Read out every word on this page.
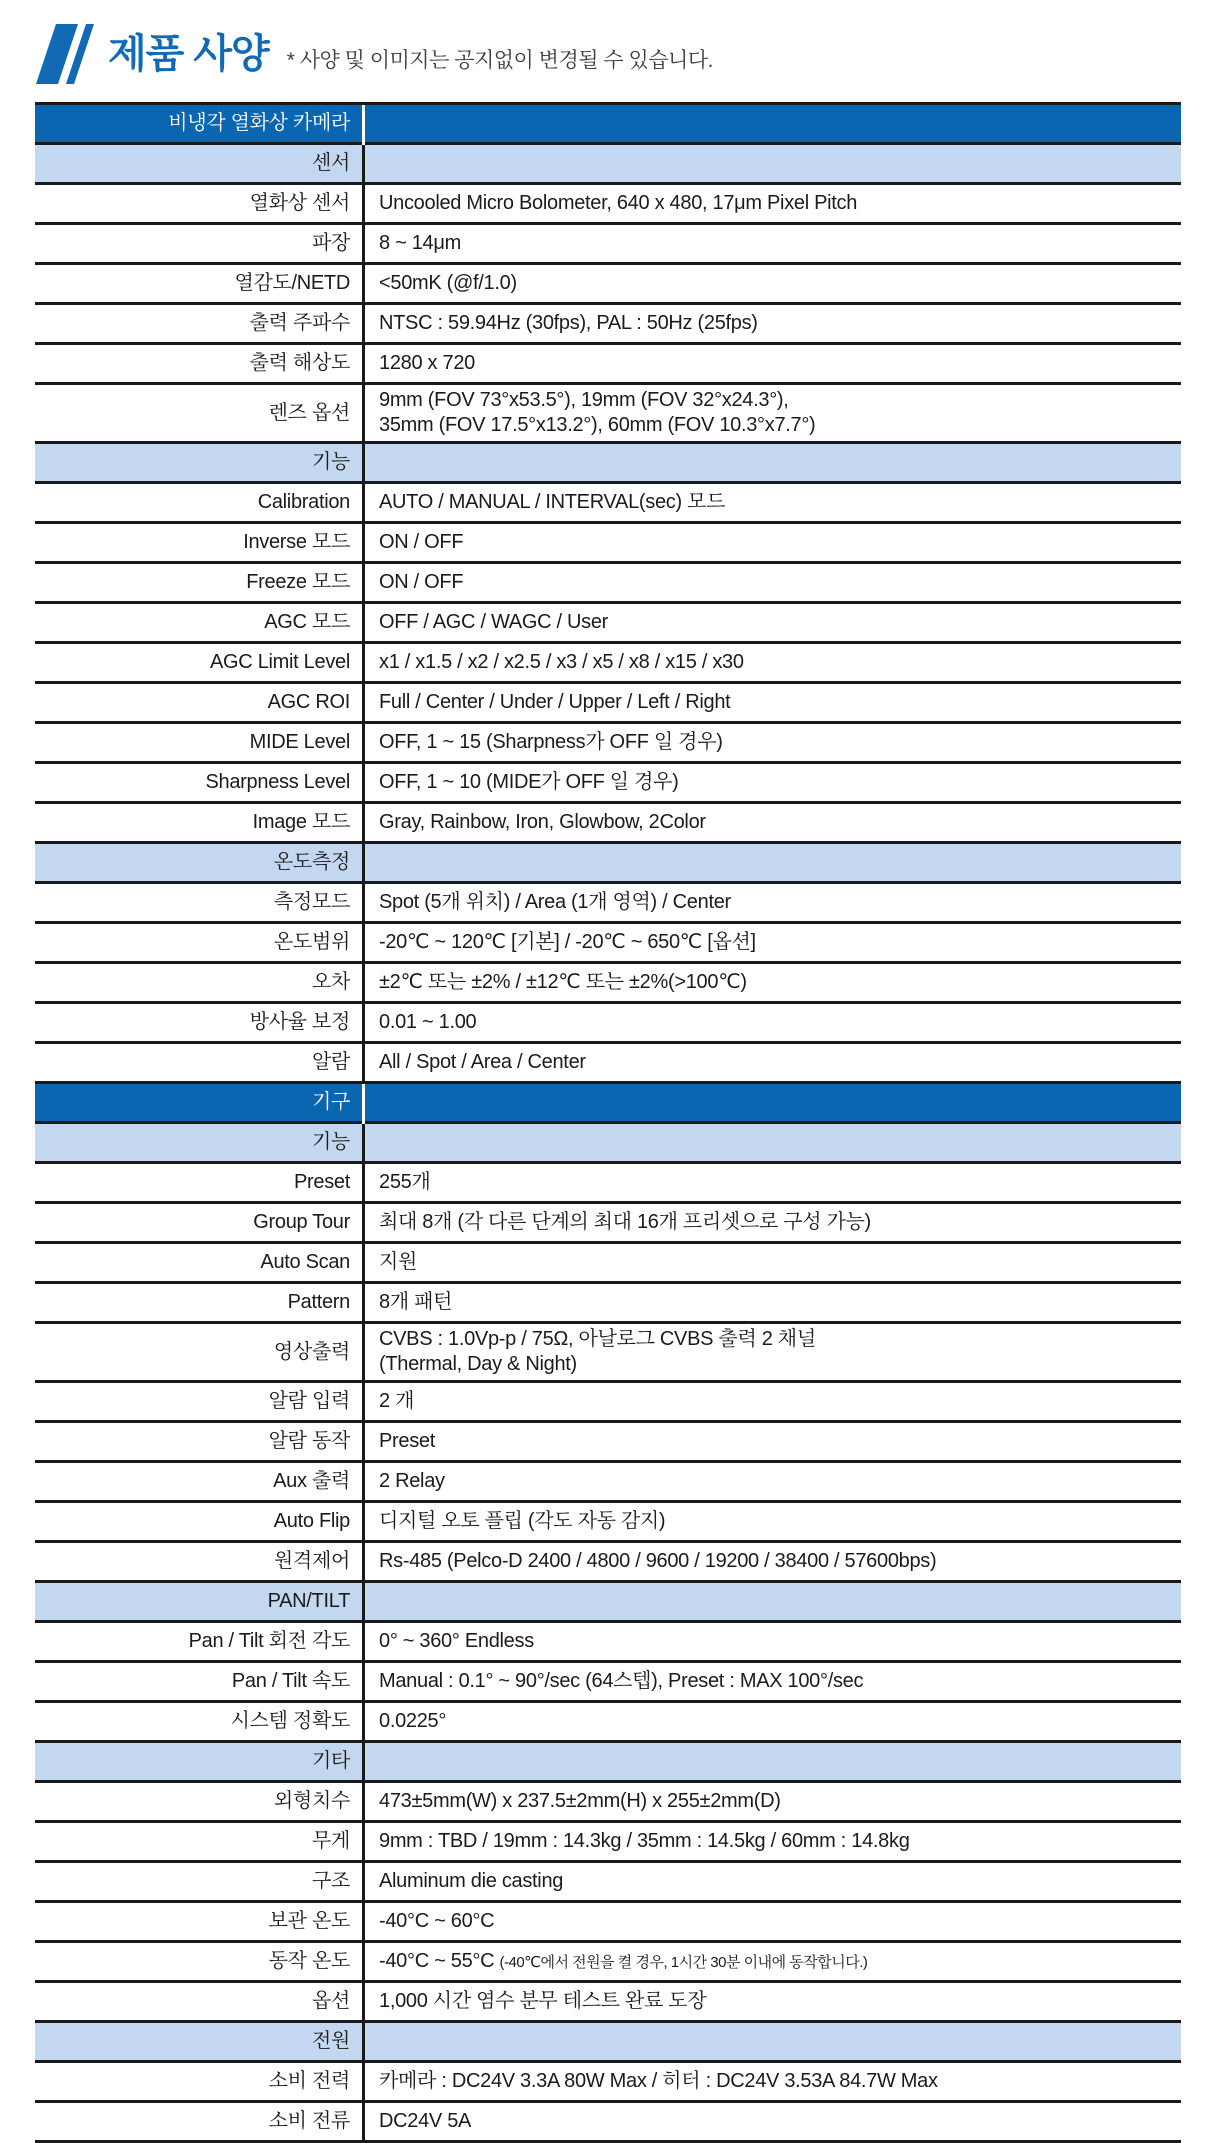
제품 사양 * 사양 및 이미지는 공지없이 변경될 수 있습니다.
비냉각 열화상 카메라	
센서	
열화상 센서	Uncooled Micro Bolometer, 640 x 480, 17μm Pixel Pitch
파장	8 ~ 14μm
열감도/NETD	<50mK (@f/1.0)
출력 주파수	NTSC : 59.94Hz (30fps), PAL : 50Hz (25fps)
출력 해상도	1280 x 720
렌즈 옵션	9mm (FOV 73°x53.5°), 19mm (FOV 32°x24.3°),
35mm (FOV 17.5°x13.2°), 60mm (FOV 10.3°x7.7°)

기능	
Calibration	AUTO / MANUAL / INTERVAL(sec) 모드
Inverse 모드	ON / OFF
Freeze 모드	ON / OFF
AGC 모드	OFF / AGC / WAGC / User
AGC Limit Level	x1 / x1.5 / x2 / x2.5 / x3 / x5 / x8 / x15 / x30
AGC ROI	Full / Center / Under / Upper / Left / Right
MIDE Level	OFF, 1 ~ 15 (Sharpness가 OFF 일 경우)
Sharpness Level	OFF, 1 ~ 10 (MIDE가 OFF 일 경우)
Image 모드	Gray, Rainbow, Iron, Glowbow, 2Color
온도측정	
측정모드	Spot (5개 위치) / Area (1개 영역) / Center
온도범위	-20℃ ~ 120℃ [기본] / -20℃ ~ 650℃ [옵션]
오차	±2℃ 또는 ±2% / ±12℃ 또는 ±2%(>100℃)
방사율 보정	0.01 ~ 1.00
알람	All / Spot / Area / Center
기구	
기능	
Preset	255개
Group Tour	최대 8개 (각 다른 단계의 최대 16개 프리셋으로 구성 가능)
Auto Scan	지원
Pattern	8개 패턴
영상출력	CVBS : 1.0Vp-p / 75Ω, 아날로그 CVBS 출력 2 채널
(Thermal, Day & Night)

알람 입력	2 개
알람 동작	Preset
Aux 출력	2 Relay
Auto Flip	디지털 오토 플립 (각도 자동 감지)
원격제어	Rs-485 (Pelco-D 2400 / 4800 / 9600 / 19200 / 38400 / 57600bps)
PAN/TILT	
Pan / Tilt 회전 각도	0° ~ 360° Endless
Pan / Tilt 속도	Manual : 0.1° ~ 90°/sec (64스텝), Preset : MAX 100°/sec
시스템 정확도	0.0225°
기타	
외형치수	473±5mm(W) x 237.5±2mm(H) x 255±2mm(D)
무게	9mm : TBD / 19mm : 14.3kg / 35mm : 14.5kg / 60mm : 14.8kg
구조	Aluminum die casting
보관 온도	-40°C ~ 60°C
동작 온도	-40°C ~ 55°C (-40℃에서 전원을 켤 경우, 1시간 30분 이내에 동작합니다.)
옵션	1,000 시간 염수 분무 테스트 완료 도장
전원	
소비 전력	카메라 : DC24V 3.3A 80W Max / 히터 : DC24V 3.53A 84.7W Max
소비 전류	DC24V 5A
